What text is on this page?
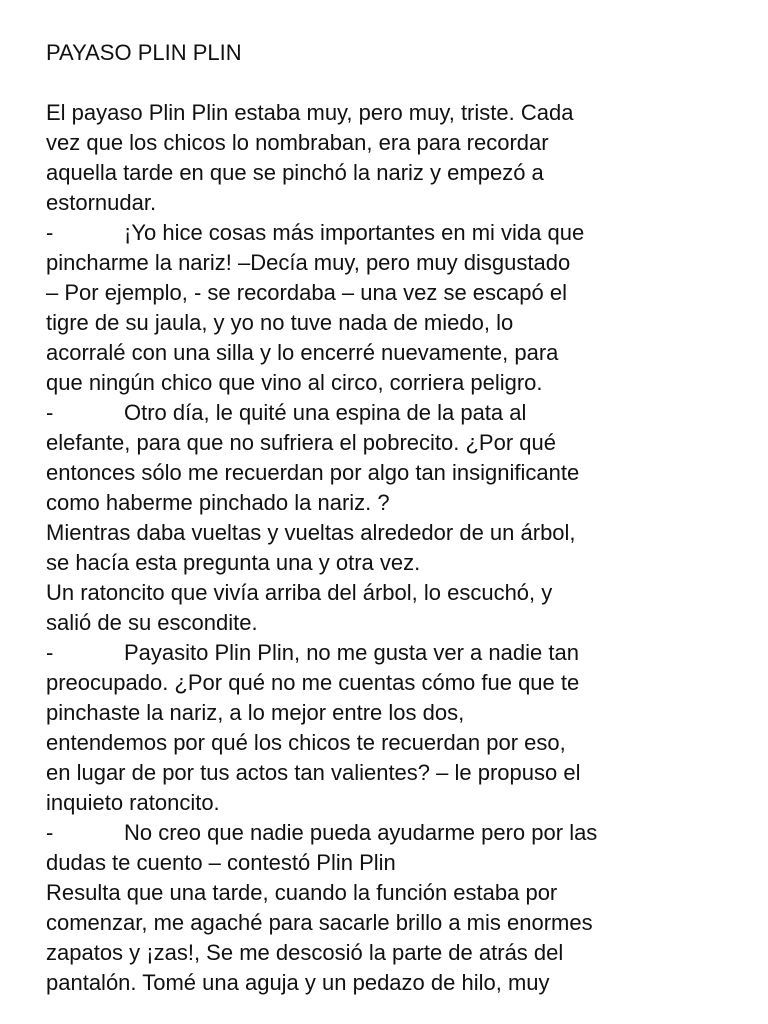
PAYASO PLIN PLIN
El payaso Plin Plin estaba muy, pero muy, triste. Cada
vez que los chicos lo nombraban, era para recordar
aquella tarde en que se pinchó la nariz y empezó a
estornudar.
-	¡Yo hice cosas más importantes en mi vida que
pincharme la nariz! –Decía muy, pero muy disgustado
– Por ejemplo, - se recordaba – una vez se escapó el
tigre de su jaula, y yo no tuve nada de miedo, lo
acorralé con una silla y lo encerré nuevamente, para
que ningún chico que vino al circo, corriera peligro.
-	Otro día, le quité una espina de la pata al
elefante, para que no sufriera el pobrecito. ¿Por qué
entonces sólo me recuerdan por algo tan insignificante
como haberme pinchado la nariz. ?
Mientras daba vueltas y vueltas alrededor de un árbol,
se hacía esta pregunta una y otra vez.
Un ratoncito que vivía arriba del árbol, lo escuchó, y
salió de su escondite.
-	Payasito Plin Plin, no me gusta ver a nadie tan
preocupado. ¿Por qué no me cuentas cómo fue que te
pinchaste la nariz, a lo mejor entre los dos,
entendemos por qué los chicos te recuerdan por eso,
en lugar de por tus actos tan valientes? – le propuso el
inquieto ratoncito.
-	No creo que nadie pueda ayudarme pero por las
dudas te cuento – contestó Plin Plin
Resulta que una tarde, cuando la función estaba por
comenzar, me agaché para sacarle brillo a mis enormes
zapatos y ¡zas!, Se me descosió la parte de atrás del
pantalón. Tomé una aguja y un pedazo de hilo, muy
